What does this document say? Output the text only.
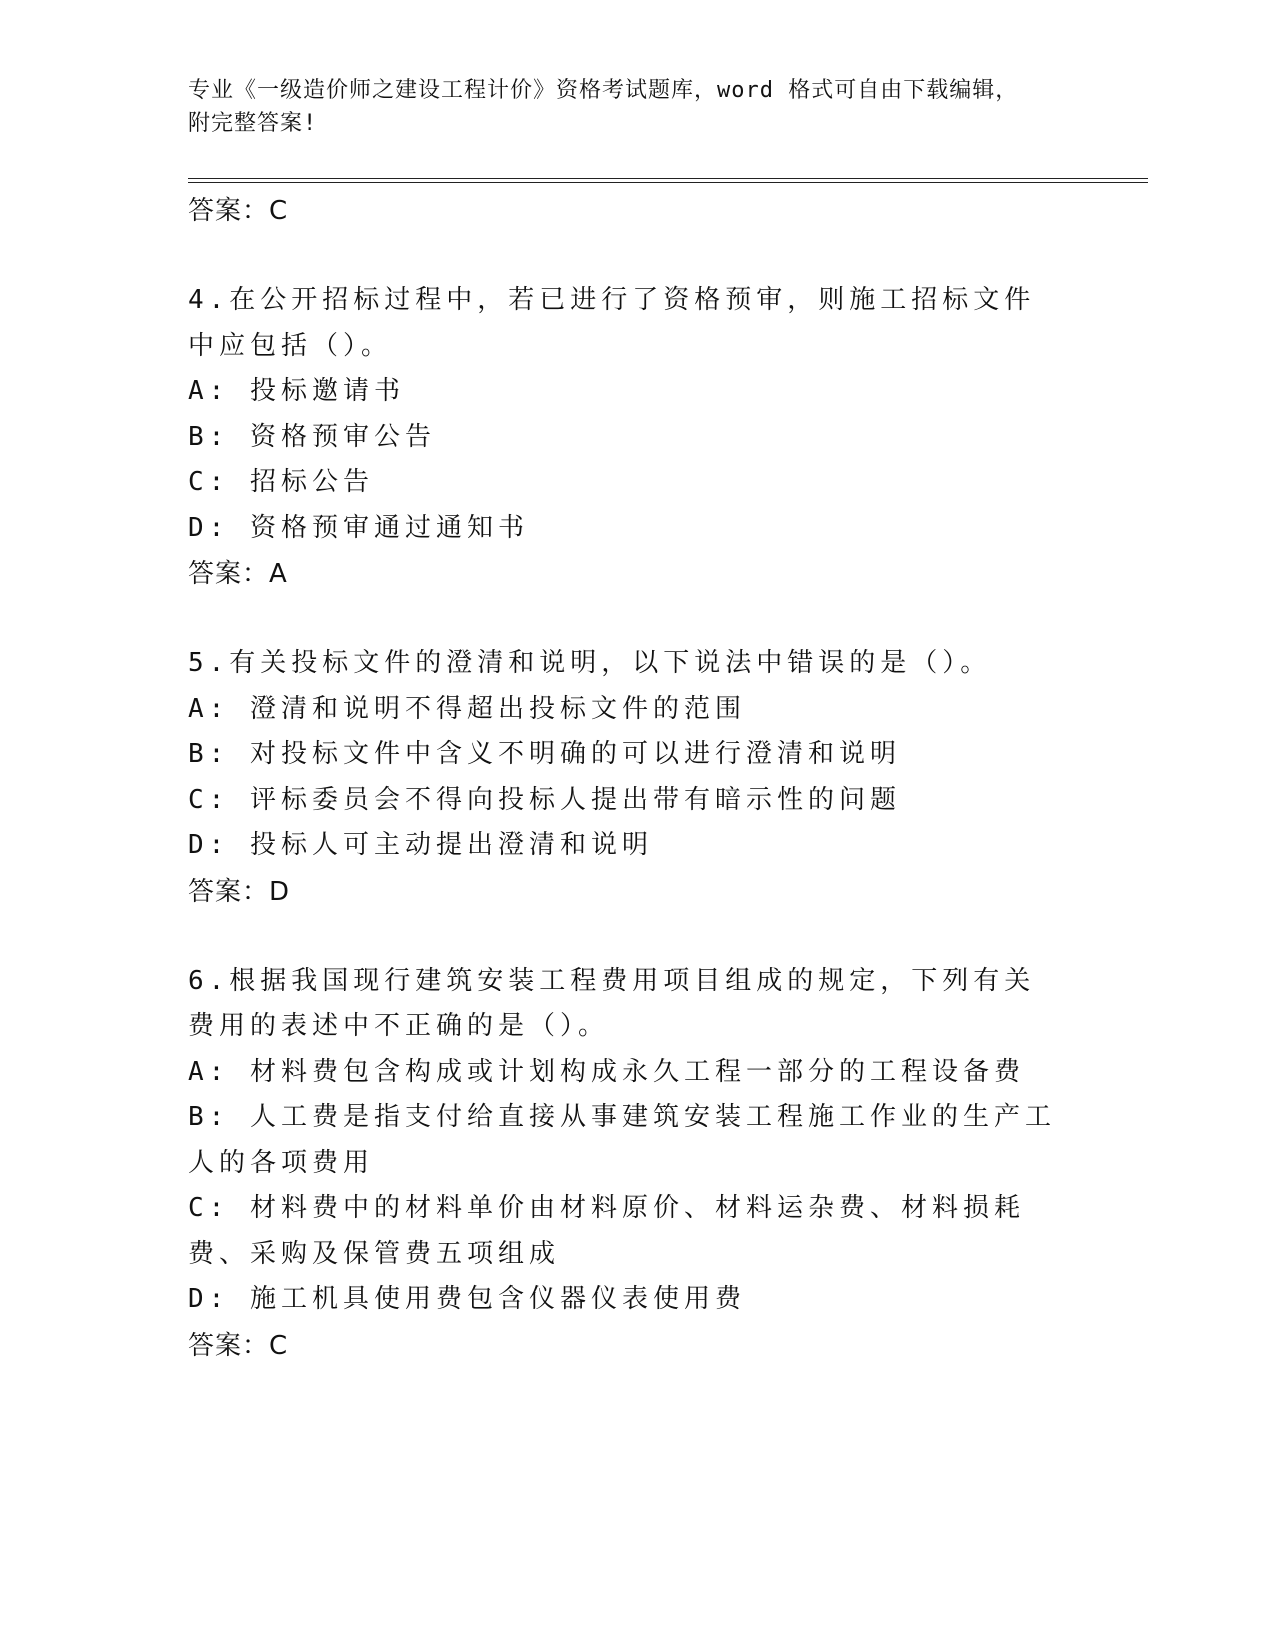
专业《一级造价师之建设工程计价》资格考试题库，word 格式可自由下载编辑，
附完整答案!
答案：C
4.在公开招标过程中，若已进行了资格预审，则施工招标文件中应包括（）。
A: 投标邀请书
B: 资格预审公告
C: 招标公告
D: 资格预审通过通知书
答案：A
5.有关投标文件的澄清和说明，以下说法中错误的是（）。
A: 澄清和说明不得超出投标文件的范围
B: 对投标文件中含义不明确的可以进行澄清和说明
C: 评标委员会不得向投标人提出带有暗示性的问题
D: 投标人可主动提出澄清和说明
答案：D
6.根据我国现行建筑安装工程费用项目组成的规定，下列有关费用的表述中不正确的是（）。
A: 材料费包含构成或计划构成永久工程一部分的工程设备费
B: 人工费是指支付给直接从事建筑安装工程施工作业的生产工人的各项费用
C: 材料费中的材料单价由材料原价、材料运杂费、材料损耗费、采购及保管费五项组成
D: 施工机具使用费包含仪器仪表使用费
答案：C
